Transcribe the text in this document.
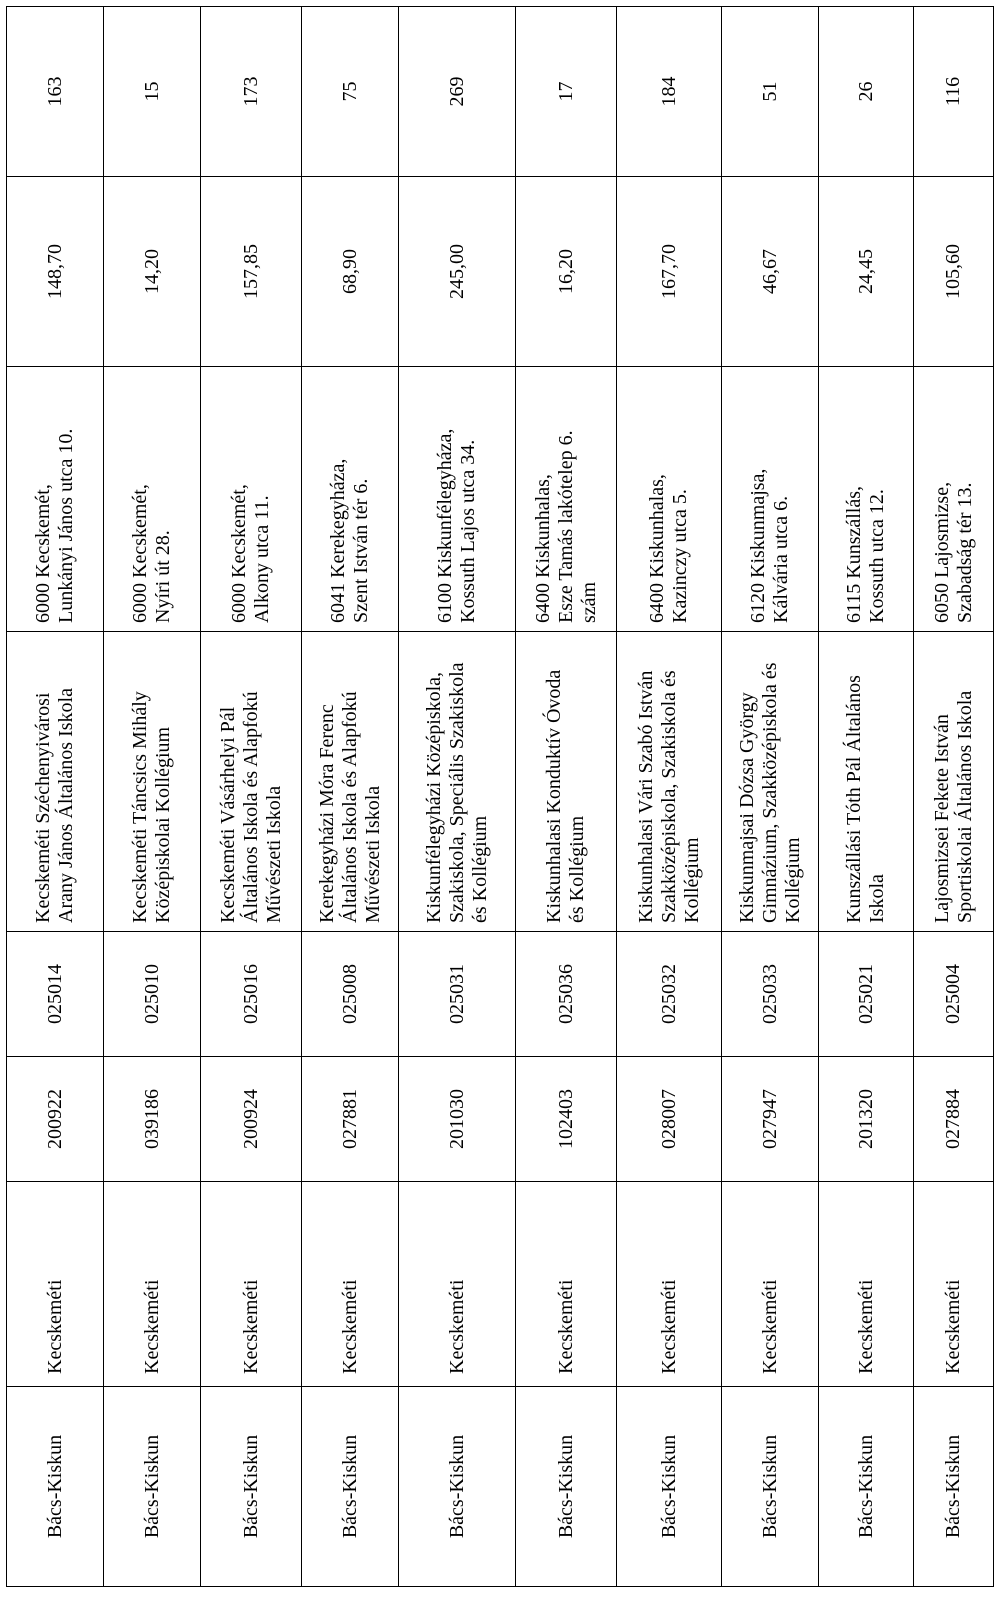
Bács-Kiskun	Kecskeméti	200922	025014	Kecskeméti Széchenyivárosi
Arany János Általános Iskola	6000 Kecskemét,
Lunkányi János utca 10.	148,70	163
Bács-Kiskun	Kecskeméti	039186	025010	Kecskeméti Táncsics Mihály
Középiskolai Kollégium	6000 Kecskemét,
Nyíri út 28.	14,20	15
Bács-Kiskun	Kecskeméti	200924	025016	Kecskeméti Vásárhelyi Pál
Általános Iskola és Alapfokú
Művészeti Iskola	6000 Kecskemét,
Alkony utca 11.	157,85	173
Bács-Kiskun	Kecskeméti	027881	025008	Kerekegyházi Móra Ferenc
Általános Iskola és Alapfokú
Művészeti Iskola	6041 Kerekegyháza,
Szent István tér 6.	68,90	75
Bács-Kiskun	Kecskeméti	201030	025031	Kiskunfélegyházi Középiskola,
Szakiskola, Speciális Szakiskola
és Kollégium	6100 Kiskunfélegyháza,
Kossuth Lajos utca 34.	245,00	269
Bács-Kiskun	Kecskeméti	102403	025036	Kiskunhalasi Konduktív Óvoda
és Kollégium	6400 Kiskunhalas,
Esze Tamás lakótelep 6.
szám	16,20	17
Bács-Kiskun	Kecskeméti	028007	025032	Kiskunhalasi Vári Szabó István
Szakközépiskola, Szakiskola és
Kollégium	6400 Kiskunhalas,
Kazinczy utca 5.	167,70	184
Bács-Kiskun	Kecskeméti	027947	025033	Kiskunmajsai Dózsa György
Gimnázium, Szakközépiskola és
Kollégium	6120 Kiskunmajsa,
Kálvária utca 6.	46,67	51
Bács-Kiskun	Kecskeméti	201320	025021	Kunszállási Tóth Pál Általános
Iskola	6115 Kunszállás,
Kossuth utca 12.	24,45	26
Bács-Kiskun	Kecskeméti	027884	025004	Lajosmizsei Fekete István
Sportiskolai Általános Iskola	6050 Lajosmizse,
Szabadság tér 13.	105,60	116
